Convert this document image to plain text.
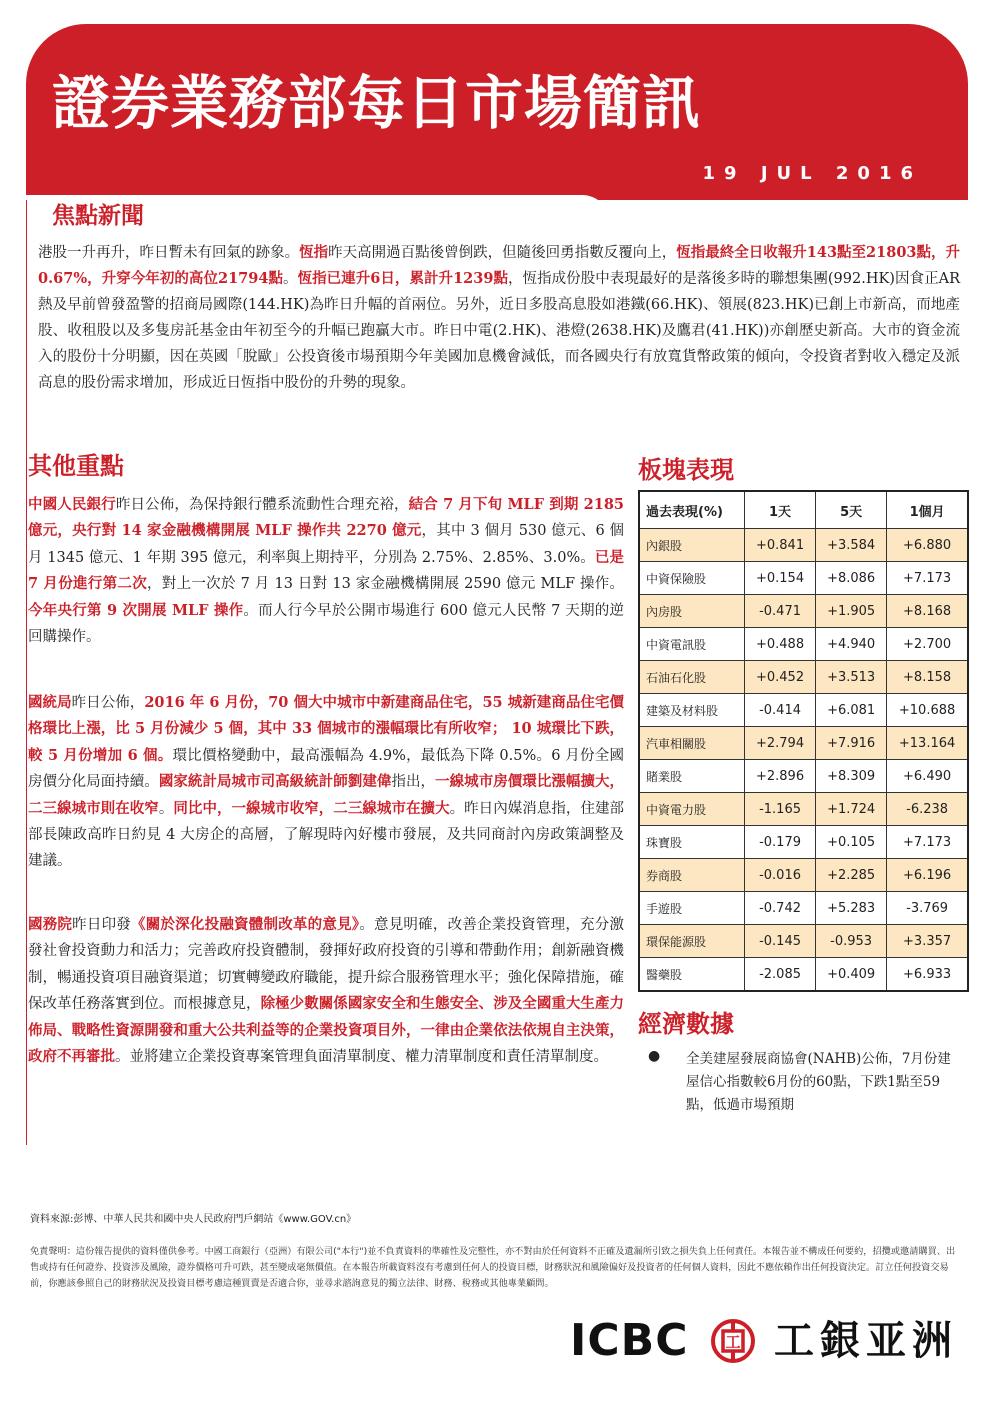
證券業務部每日市場簡訊
19 JUL 2016
焦點新聞

港股一升再升，昨日暫未有回氣的跡象。恆指昨天高開過百點後曾倒跌，但隨後回勇指數反覆向上，恆指最終全日收報升143點至21803點，升0.67%，升穿今年初的高位21794點。恆指已連升6日，累計升1239點，恆指成份股中表現最好的是落後多時的聯想集團(992.HK)因食正AR熱及早前曾發盈警的招商局國際(144.HK)為昨日升幅的首兩位。另外，近日多股高息股如港鐵(66.HK)、領展(823.HK)已創上市新高，而地產股、收租股以及多隻房託基金由年初至今的升幅已跑贏大市。昨日中電(2.HK)、港燈(2638.HK)及鷹君(41.HK))亦創歷史新高。大市的資金流入的股份十分明顯，因在英國「脫歐」公投資後市場預期今年美國加息機會減低，而各國央行有放寬貨幣政策的傾向，令投資者對收入穩定及派高息的股份需求增加，形成近日恆指中股份的升勢的現象。

其他重點

中國人民銀行昨日公佈，為保持銀行體系流動性合理充裕，結合 7 月下旬 MLF 到期 2185 億元，央行對 14 家金融機構開展 MLF 操作共 2270 億元，其中 3 個月 530 億元、6 個月 1345 億元、1 年期 395 億元，利率與上期持平，分別為 2.75%、2.85%、3.0%。已是 7 月份進行第二次，對上一次於 7 月 13 日對 13 家金融機構開展 2590 億元 MLF 操作。今年央行第 9 次開展 MLF 操作。而人行今早於公開市場進行 600 億元人民幣 7 天期的逆回購操作。

國統局昨日公佈，2016 年 6 月份，70 個大中城市中新建商品住宅，55 城新建商品住宅價格環比上漲，比 5 月份減少 5 個，其中 33 個城市的漲幅環比有所收窄； 10 城環比下跌，較 5 月份增加 6 個。環比價格變動中，最高漲幅為 4.9%，最低為下降 0.5%。6 月份全國房價分化局面持續。國家統計局城市司高級統計師劉建偉指出，一線城市房價環比漲幅擴大，二三線城市則在收窄。同比中，一線城市收窄，二三線城市在擴大。昨日內媒消息指，住建部部長陳政高昨日約見 4 大房企的高層，了解現時內好樓市發展，及共同商討內房政策調整及建議。

國務院昨日印發《關於深化投融資體制改革的意見》。意見明確，改善企業投資管理，充分激發社會投資動力和活力；完善政府投資體制，發揮好政府投資的引導和帶動作用；創新融資機制，暢通投資項目融資渠道；切實轉變政府職能，提升綜合服務管理水平；強化保障措施，確保改革任務落實到位。而根據意見，除極少數關係國家安全和生態安全、涉及全國重大生產力佈局、戰略性資源開發和重大公共利益等的企業投資項目外，一律由企業依法依規自主決策，政府不再審批。並將建立企業投資專案管理負面清單制度、權力清單制度和責任清單制度。

板塊表現
過去表現(%)	1天	5天	1個月
內銀股	+0.841	+3.584	+6.880
中資保險股	+0.154	+8.086	+7.173
內房股	-0.471	+1.905	+8.168
中資電訊股	+0.488	+4.940	+2.700
石油石化股	+0.452	+3.513	+8.158
建築及材料股	-0.414	+6.081	+10.688
汽車相關股	+2.794	+7.916	+13.164
賭業股	+2.896	+8.309	+6.490
中資電力股	-1.165	+1.724	-6.238
珠寶股	-0.179	+0.105	+7.173
券商股	-0.016	+2.285	+6.196
手遊股	-0.742	+5.283	-3.769
環保能源股	-0.145	-0.953	+3.357
醫藥股	-2.085	+0.409	+6.933
經濟數據
● 全美建屋發展商協會(NAHB)公佈，7月份建屋信心指數較6月份的60點，下跌1點至59點，低過市場預期

資料來源:彭博、中華人民共和國中央人民政府門戶網站《www.GOV.cn》

免責聲明：這份報告提供的資料僅供參考。中國工商銀行（亞洲）有限公司("本行")並不負責資料的準確性及完整性，亦不對由於任何資料不正確及遺漏所引致之損失負上任何責任。本報告並不構成任何要約，招攬或邀請購買、出售或持有任何證券、投資涉及風險，證券價格可升可跌，甚至變成毫無價值。在本報告所載資料沒有考慮到任何人的投資目標，財務狀況和風險偏好及投資者的任何個人資料，因此不應依賴作出任何投資決定。訂立任何投資交易前，你應該參照自己的財務狀況及投資目標考慮這種買賣是否適合你，並尋求諮詢意見的獨立法律、財務、稅務或其他專業顧問。

ICBC 工 工銀亚洲
